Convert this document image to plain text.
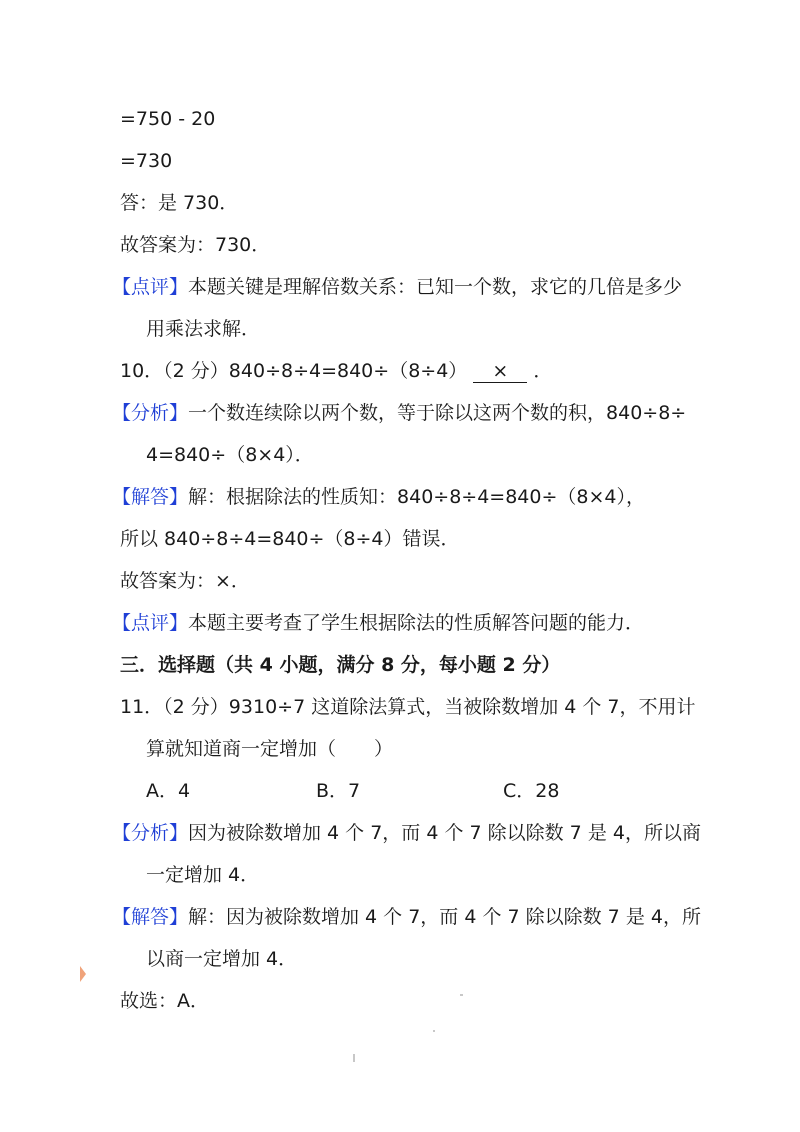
=750 - 20
=730
答：是 730．
故答案为：730．
【点评】本题关键是理解倍数关系：已知一个数，求它的几倍是多少
用乘法求解．
10．（2 分）840÷8÷4=840÷（8÷4） × ．
【分析】一个数连续除以两个数，等于除以这两个数的积，840÷8÷
4=840÷（8×4）．
【解答】解：根据除法的性质知：840÷8÷4=840÷（8×4），
所以 840÷8÷4=840÷（8÷4）错误．
故答案为：×．
【点评】本题主要考查了学生根据除法的性质解答问题的能力．
三．选择题（共 4 小题，满分 8 分，每小题 2 分）
11．（2 分）9310÷7 这道除法算式，当被除数增加 4 个 7，不用计
算就知道商一定增加（　　）
A．4	B．7	C．28
【分析】因为被除数增加 4 个 7，而 4 个 7 除以除数 7 是 4，所以商
一定增加 4．
【解答】解：因为被除数增加 4 个 7，而 4 个 7 除以除数 7 是 4，所
以商一定增加 4．
故选：A．
